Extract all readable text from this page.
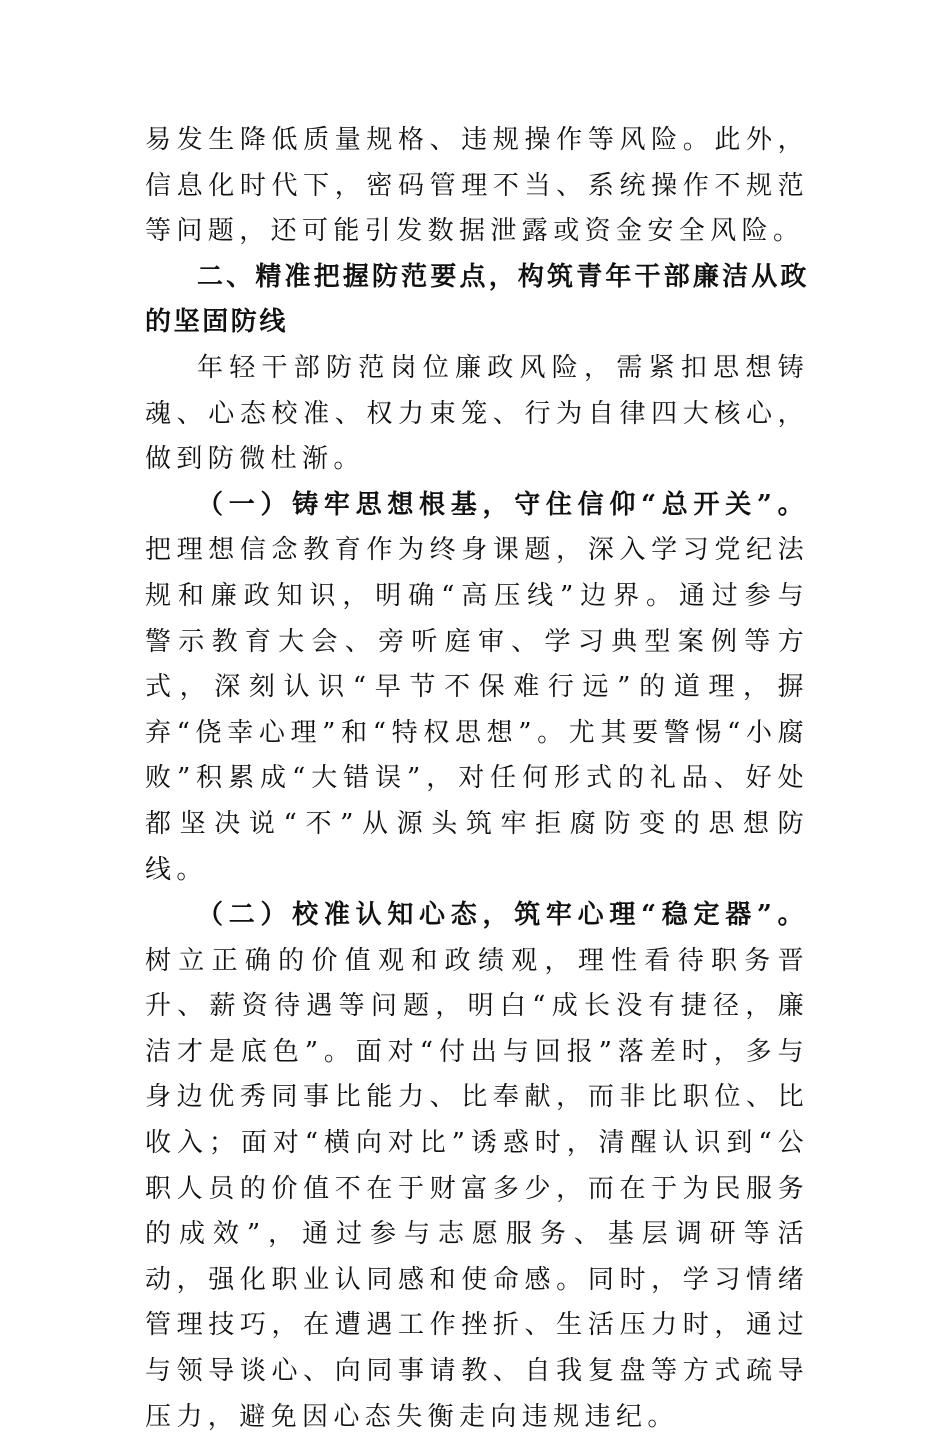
易发生降低质量规格、违规操作等风险。此外，信息化时代下，密码管理不当、系统操作不规范等问题，还可能引发数据泄露或资金安全风险。

二、精准把握防范要点，构筑青年干部廉洁从政的坚固防线

年轻干部防范岗位廉政风险，需紧扣思想铸魂、心态校准、权力束笼、行为自律四大核心，做到防微杜渐。

（一）铸牢思想根基，守住信仰“总开关”。把理想信念教育作为终身课题，深入学习党纪法规和廉政知识，明确“高压线”边界。通过参与警示教育大会、旁听庭审、学习典型案例等方式，深刻认识“早节不保难行远”的道理，摒弃“侥幸心理”和“特权思想”。尤其要警惕“小腐败”积累成“大错误”，对任何形式的礼品、好处都坚决说“不”从源头筑牢拒腐防变的思想防线。

（二）校准认知心态，筑牢心理“稳定器”。树立正确的价值观和政绩观，理性看待职务晋升、薪资待遇等问题，明白“成长没有捷径，廉洁才是底色”。面对“付出与回报”落差时，多与身边优秀同事比能力、比奉献，而非比职位、比收入；面对“横向对比”诱惑时，清醒认识到“公职人员的价值不在于财富多少，而在于为民服务的成效”，通过参与志愿服务、基层调研等活动，强化职业认同感和使命感。同时，学习情绪管理技巧，在遭遇工作挫折、生活压力时，通过与领导谈心、向同事请教、自我复盘等方式疏导压力，避免因心态失衡走向违规违纪。
